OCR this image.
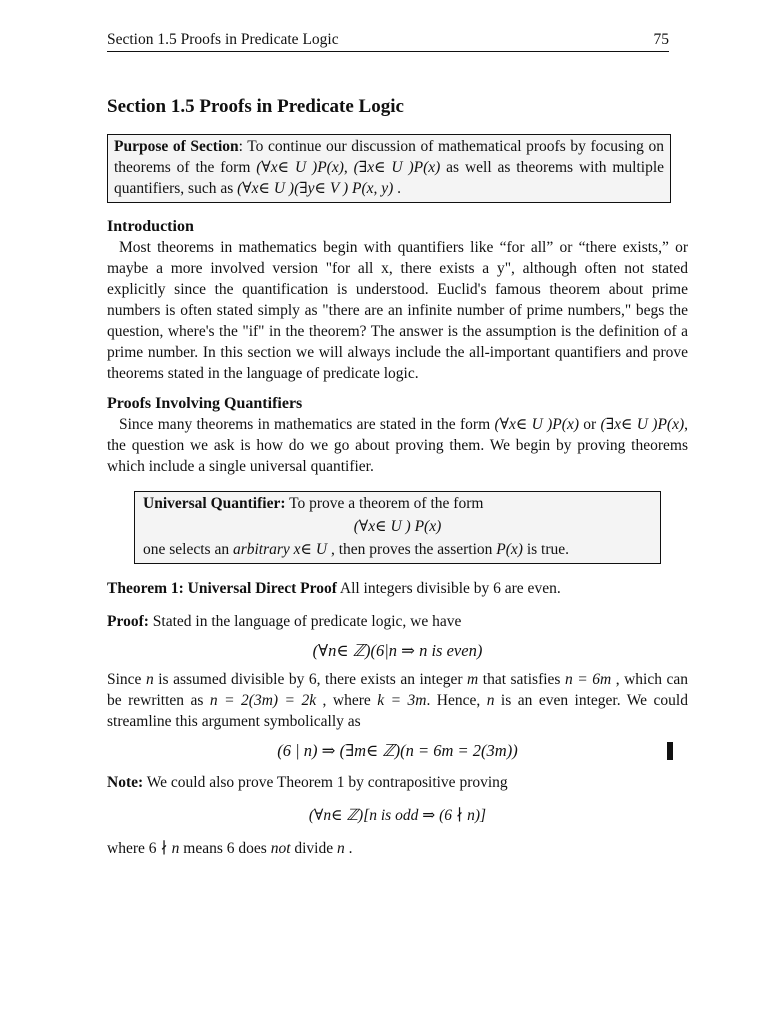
Section 1.5 Proofs in Predicate Logic	75
Section 1.5 Proofs in Predicate Logic
Purpose of Section: To continue our discussion of mathematical proofs by focusing on theorems of the form (∀x∈ U )P(x), (∃x∈ U )P(x) as well as theorems with multiple quantifiers, such as (∀x∈ U )(∃y∈ V ) P(x, y) .
Introduction

Most theorems in mathematics begin with quantifiers like “for all” or “there exists,” or maybe a more involved version "for all x, there exists a y", although often not stated explicitly since the quantification is understood. Euclid's famous theorem about prime numbers is often stated simply as "there are an infinite number of prime numbers," begs the question, where's the "if" in the theorem? The answer is the assumption is the definition of a prime number. In this section we will always include the all-important quantifiers and prove theorems stated in the language of predicate logic.

Proofs Involving Quantifiers

Since many theorems in mathematics are stated in the form (∀x∈ U )P(x) or (∃x∈ U )P(x), the question we ask is how do we go about proving them. We begin by proving theorems which include a single universal quantifier.

Universal Quantifier: To prove a theorem of the form
(∀x∈ U ) P(x)
one selects an arbitrary x∈ U , then proves the assertion P(x) is true.

Theorem 1: Universal Direct Proof All integers divisible by 6 are even.

Proof: Stated in the language of predicate logic, we have

(∀n∈ ℤ)(6|n ⇒ n is even)

Since n is assumed divisible by 6, there exists an integer m that satisfies n = 6m , which can be rewritten as n = 2(3m) = 2k , where k = 3m. Hence, n is an even integer. We could streamline this argument symbolically as

(6 | n) ⇒ (∃m∈ ℤ)(n = 6m = 2(3m))

Note: We could also prove Theorem 1 by contrapositive proving

(∀n∈ ℤ)[n is odd ⇒ (6 ∤ n)]

where 6 ∤ n means 6 does not divide n .
